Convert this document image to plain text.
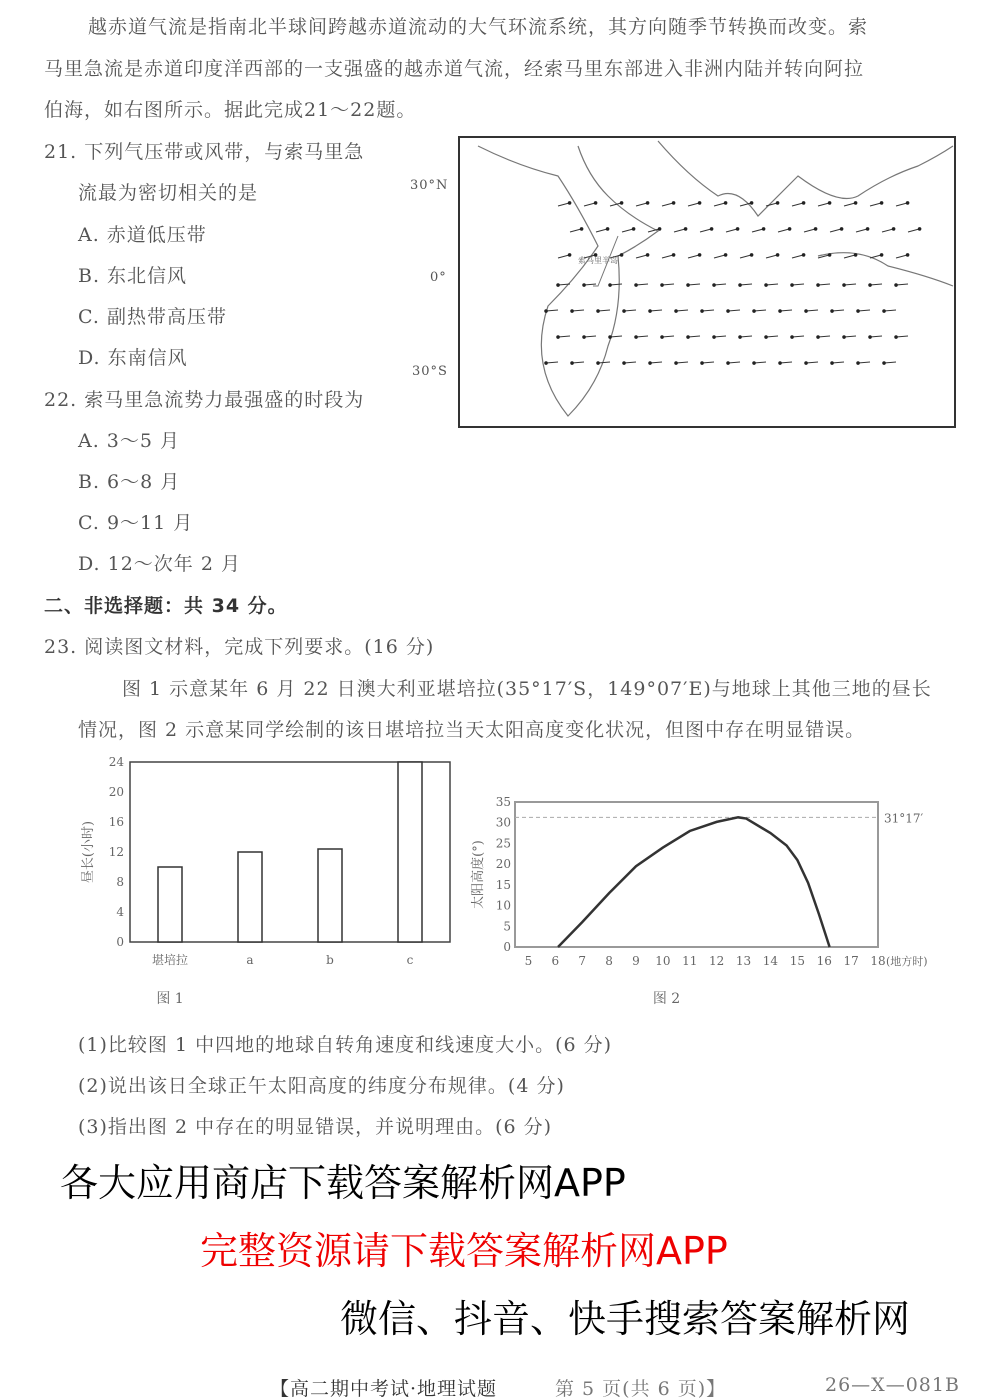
越赤道气流是指南北半球间跨越赤道流动的大气环流系统，其方向随季节转换而改变。索
马里急流是赤道印度洋西部的一支强盛的越赤道气流，经索马里东部进入非洲内陆并转向阿拉
伯海，如右图所示。据此完成21～22题。
21. 下列气压带或风带，与索马里急
流最为密切相关的是
A. 赤道低压带
B. 东北信风
C. 副热带高压带
D. 东南信风
22. 索马里急流势力最强盛的时段为
A. 3～5 月
B. 6～8 月
C. 9～11 月
D. 12～次年 2 月
30°N
0°
30°S
索马里半岛
二、非选择题：共 34 分。
23. 阅读图文材料，完成下列要求。(16 分)
图 1 示意某年 6 月 22 日澳大利亚堪培拉(35°17′S，149°07′E)与地球上其他三地的昼长
情况，图 2 示意某同学绘制的该日堪培拉当天太阳高度变化状况，但图中存在明显错误。
0
4
8
12
16
20
24
堪培拉	a	b	c
昼长(小时)
图 1
31°17′
0
5
10
15
20
25
30
35
5 6 7 8 9 10 11 12 13 14 15 16 17 18 (地方时)
太阳高度(°)
图 2
(1)比较图 1 中四地的地球自转角速度和线速度大小。(6 分)
(2)说出该日全球正午太阳高度的纬度分布规律。(4 分)
(3)指出图 2 中存在的明显错误，并说明理由。(6 分)
各大应用商店下载答案解析网APP
完整资源请下载答案解析网APP
微信、抖音、快手搜索答案解析网
【高二期中考试·地理试题	第 5 页(共 6 页)】	26—X—081B
